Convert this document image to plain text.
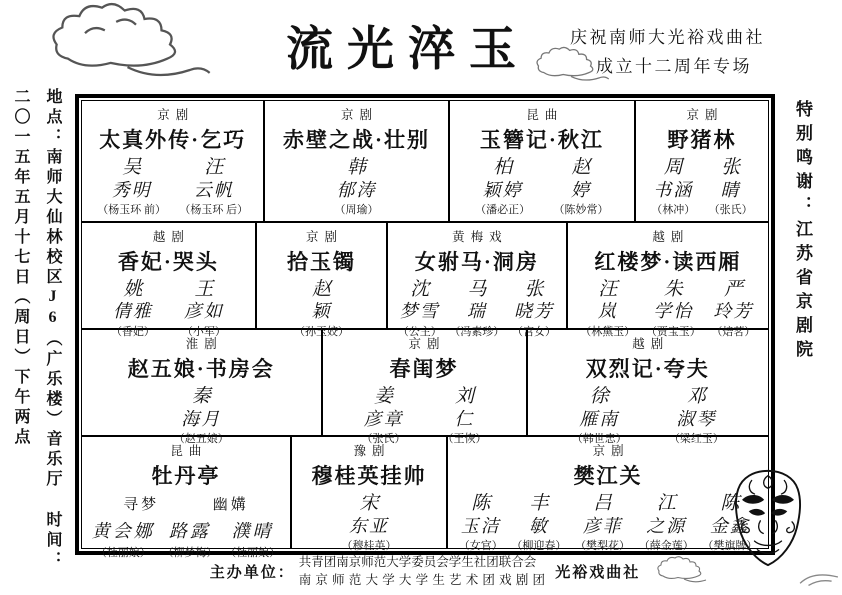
流光淬玉 庆祝南师大光裕戏曲社
成立十二周年专场
地点：南师大仙林校区J6（广乐楼）音乐厅 时间：二〇一五年五月十七日（周日）下午两点	特别鸣谢：江苏省京剧院
京剧
太真外传·乞巧
吴
秀明
（杨玉环 前）
汪
云帆
（杨玉环 后）
京剧
赤壁之战·壮别
韩
郁涛
（周瑜）
昆曲
玉簪记·秋江
柏
颖婷
（潘必正）
赵
婷
（陈妙常）
京剧
野猪林
周
书涵
（林冲）
张
睛
（张氏）
越剧
香妃·哭头
姚
倩雅
（香妃）
王
彦如
（小军）
京剧
拾玉镯
赵
颖
（孙玉姣）
黄梅戏
女驸马·洞房
沈
梦雪
（公主）
马
瑞
（冯素珍）
张
晓芳
（宫女）
越剧
红楼梦·读西厢
汪
岚
（林黛玉）
朱
学怡
（贾宝玉）
严
玲芳
（焙茗）
淮剧
赵五娘·书房会
秦
海月
（赵五娘）
京剧
春闺梦
姜
彦章
（张氏）
刘
仁
（王恢）
越剧
双烈记·夸夫
徐
雁南
（韩世忠）
邓
淑琴
（梁红玉）
昆曲
牡丹亭
寻梦	幽媾
黄会娜
（杜丽娘）
路露
（柳梦梅）
濮晴
（杜丽娘）
豫剧
穆桂英挂帅
宋
东亚
（穆桂英）
京剧
樊江关
陈
玉洁
（女官）
丰
敏
（柳迎春）
吕
彦菲
（樊梨花）
江
之源
（薛金莲）
陈
金鑫
（樊旗牌）
主办单位：
共青团南京师范大学委员会学生社团联合会
南京师范大学大学生艺术团戏剧团 光裕戏曲社
